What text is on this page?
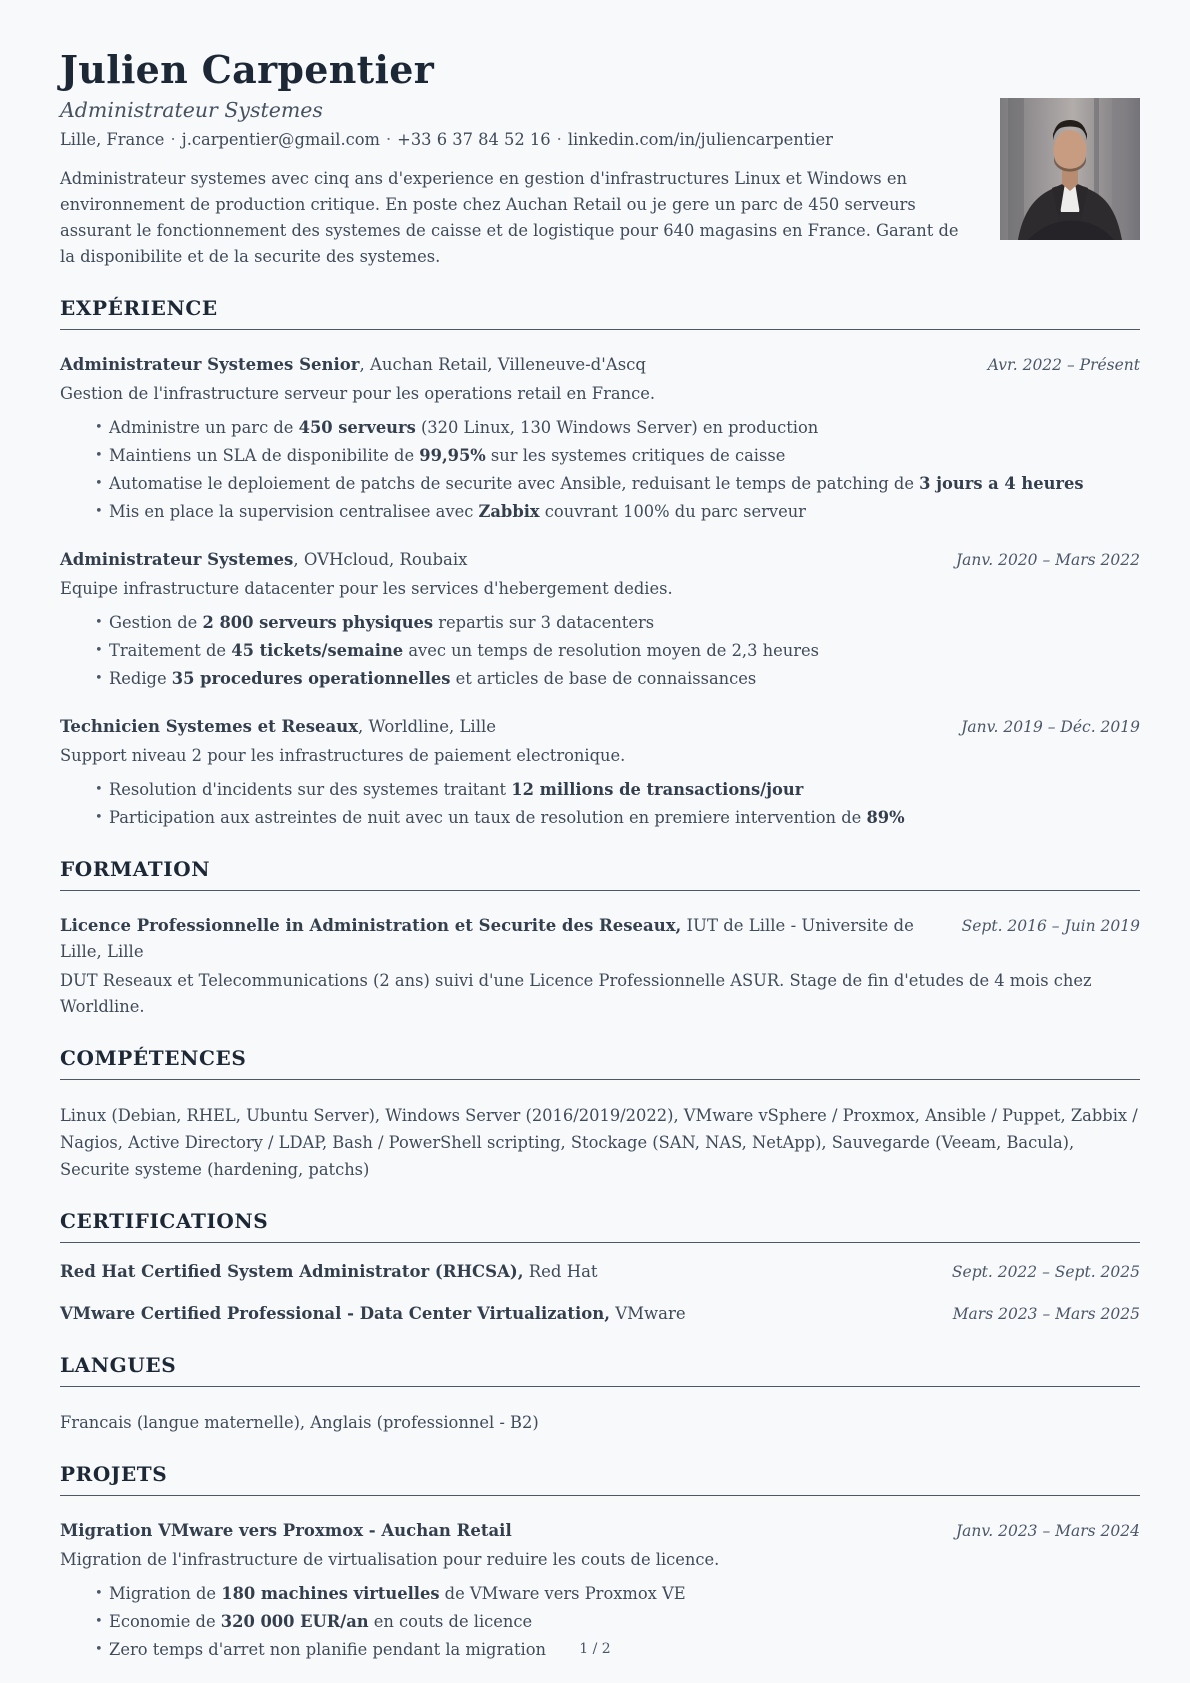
Julien Carpentier
Administrateur Systemes
Lille, France · j.carpentier@gmail.com · +33 6 37 84 52 16 · linkedin.com/in/juliencarpentier
Administrateur systemes avec cinq ans d'experience en gestion d'infrastructures Linux et Windows en environnement de production critique. En poste chez Auchan Retail ou je gere un parc de 450 serveurs assurant le fonctionnement des systemes de caisse et de logistique pour 640 magasins en France. Garant de la disponibilite et de la securite des systemes.
EXPÉRIENCE
Administrateur Systemes Senior, Auchan Retail, Villeneuve-d'Ascq	Avr. 2022 – Présent
Gestion de l'infrastructure serveur pour les operations retail en France.
• Administre un parc de 450 serveurs (320 Linux, 130 Windows Server) en production
• Maintiens un SLA de disponibilite de 99,95% sur les systemes critiques de caisse
• Automatise le deploiement de patchs de securite avec Ansible, reduisant le temps de patching de 3 jours a 4 heures
• Mis en place la supervision centralisee avec Zabbix couvrant 100% du parc serveur
Administrateur Systemes, OVHcloud, Roubaix	Janv. 2020 – Mars 2022
Equipe infrastructure datacenter pour les services d'hebergement dedies.
• Gestion de 2 800 serveurs physiques repartis sur 3 datacenters
• Traitement de 45 tickets/semaine avec un temps de resolution moyen de 2,3 heures
• Redige 35 procedures operationnelles et articles de base de connaissances
Technicien Systemes et Reseaux, Worldline, Lille	Janv. 2019 – Déc. 2019
Support niveau 2 pour les infrastructures de paiement electronique.
• Resolution d'incidents sur des systemes traitant 12 millions de transactions/jour
• Participation aux astreintes de nuit avec un taux de resolution en premiere intervention de 89%
FORMATION
Licence Professionnelle in Administration et Securite des Reseaux, IUT de Lille - Universite de Lille, Lille
Sept. 2016 – Juin 2019
DUT Reseaux et Telecommunications (2 ans) suivi d'une Licence Professionnelle ASUR. Stage de fin d'etudes de 4 mois chez Worldline.
COMPÉTENCES
Linux (Debian, RHEL, Ubuntu Server), Windows Server (2016/2019/2022), VMware vSphere / Proxmox, Ansible / Puppet, Zabbix / Nagios, Active Directory / LDAP, Bash / PowerShell scripting, Stockage (SAN, NAS, NetApp), Sauvegarde (Veeam, Bacula), Securite systeme (hardening, patchs)
CERTIFICATIONS
Red Hat Certified System Administrator (RHCSA), Red Hat	Sept. 2022 – Sept. 2025
VMware Certified Professional - Data Center Virtualization, VMware	Mars 2023 – Mars 2025
LANGUES
Francais (langue maternelle), Anglais (professionnel - B2)
PROJETS
Migration VMware vers Proxmox - Auchan Retail	Janv. 2023 – Mars 2024
Migration de l'infrastructure de virtualisation pour reduire les couts de licence.
• Migration de 180 machines virtuelles de VMware vers Proxmox VE
• Economie de 320 000 EUR/an en couts de licence
• Zero temps d'arret non planifie pendant la migration	1 / 2
